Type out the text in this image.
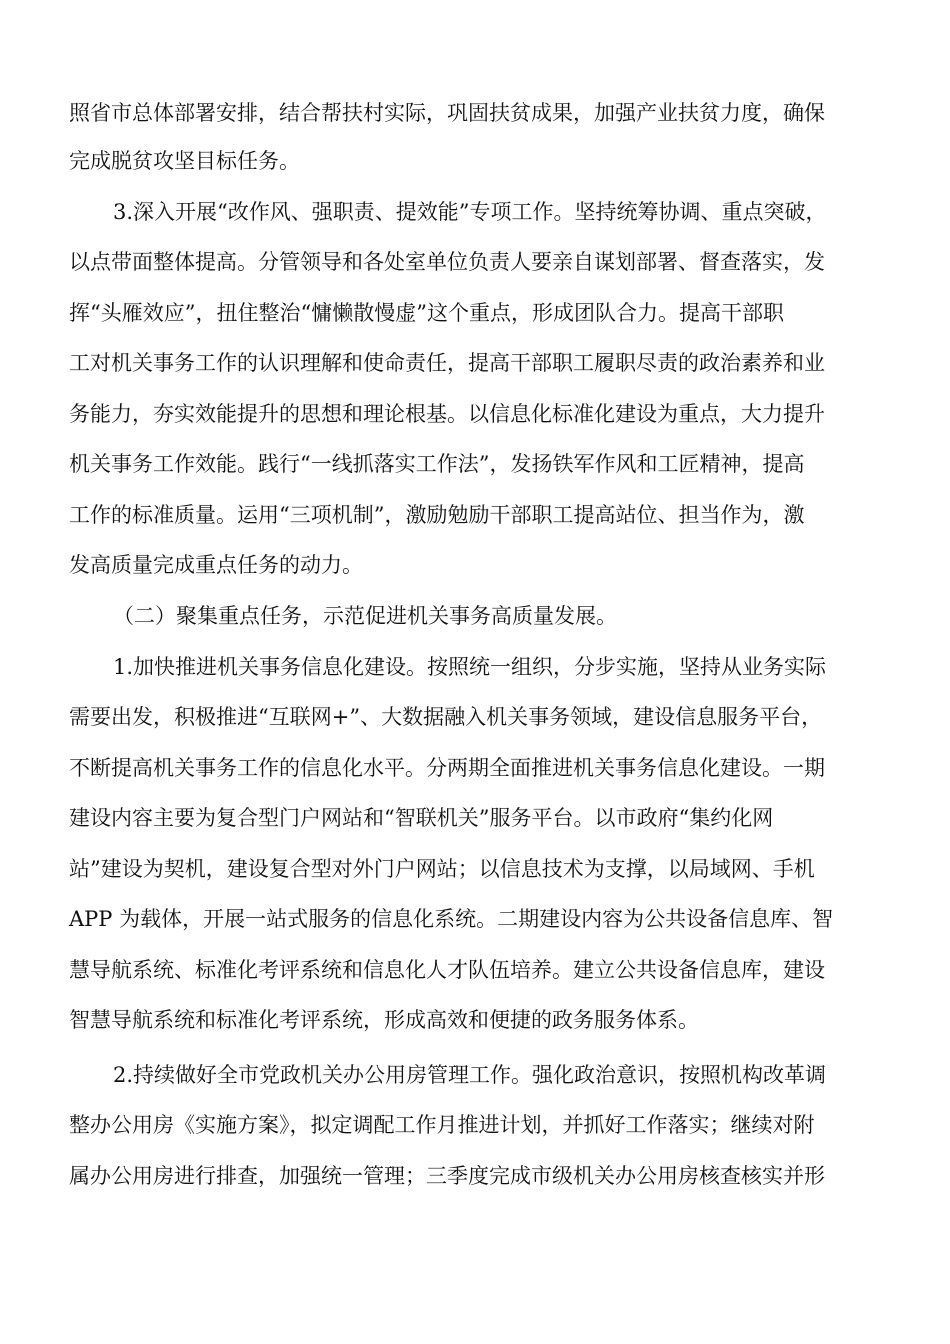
照省市总体部署安排，结合帮扶村实际，巩固扶贫成果，加强产业扶贫力度，确保

完成脱贫攻坚目标任务。

3.深入开展“改作风、强职责、提效能”专项工作。坚持统筹协调、重点突破，

以点带面整体提高。分管领导和各处室单位负责人要亲自谋划部署、督查落实，发

挥“头雁效应”，扭住整治“慵懒散慢虚”这个重点，形成团队合力。提高干部职

工对机关事务工作的认识理解和使命责任，提高干部职工履职尽责的政治素养和业

务能力，夯实效能提升的思想和理论根基。以信息化标准化建设为重点，大力提升

机关事务工作效能。践行“一线抓落实工作法”，发扬铁军作风和工匠精神，提高

工作的标准质量。运用“三项机制”，激励勉励干部职工提高站位、担当作为，激

发高质量完成重点任务的动力。

（二）聚集重点任务，示范促进机关事务高质量发展。

1.加快推进机关事务信息化建设。按照统一组织，分步实施，坚持从业务实际

需要出发，积极推进“互联网+”、大数据融入机关事务领域，建设信息服务平台，

不断提高机关事务工作的信息化水平。分两期全面推进机关事务信息化建设。一期

建设内容主要为复合型门户网站和“智联机关”服务平台。以市政府“集约化网

站”建设为契机，建设复合型对外门户网站；以信息技术为支撑，以局域网、手机

APP 为载体，开展一站式服务的信息化系统。二期建设内容为公共设备信息库、智

慧导航系统、标准化考评系统和信息化人才队伍培养。建立公共设备信息库，建设

智慧导航系统和标准化考评系统，形成高效和便捷的政务服务体系。

2.持续做好全市党政机关办公用房管理工作。强化政治意识，按照机构改革调

整办公用房《实施方案》，拟定调配工作月推进计划，并抓好工作落实；继续对附

属办公用房进行排查，加强统一管理；三季度完成市级机关办公用房核查核实并形
